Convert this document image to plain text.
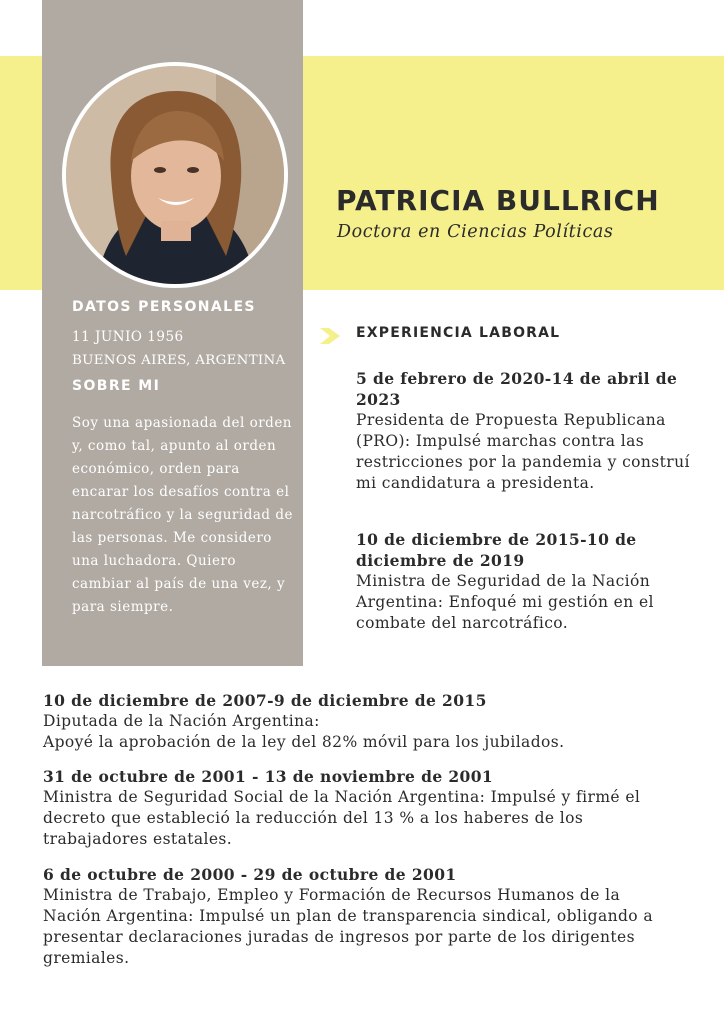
PATRICIA BULLRICH
Doctora en Ciencias Políticas
DATOS PERSONALES
11 JUNIO 1956
BUENOS AIRES, ARGENTINA
SOBRE MI
Soy una apasionada del orden y, como tal, apunto al orden económico, orden para encarar los desafíos contra el narcotráfico y la seguridad de las personas. Me considero una luchadora. Quiero cambiar al país de una vez, y para siempre.
EXPERIENCIA LABORAL
5 de febrero de 2020-14 de abril de 2023
Presidenta de Propuesta Republicana (PRO): Impulsé marchas contra las restricciones por la pandemia y construí mi candidatura a presidenta.
10 de diciembre de 2015-10 de diciembre de 2019
Ministra de Seguridad de la Nación Argentina: Enfoqué mi gestión en el combate del narcotráfico.
10 de diciembre de 2007-9 de diciembre de 2015
Diputada de la Nación Argentina:
Apoyé la aprobación de la ley del 82% móvil para los jubilados.
31 de octubre de 2001 - 13 de noviembre de 2001
Ministra de Seguridad Social de la Nación Argentina: Impulsé y firmé el decreto que estableció la reducción del 13 % a los haberes de los trabajadores estatales.
6 de octubre de 2000 - 29 de octubre de 2001
Ministra de Trabajo, Empleo y Formación de Recursos Humanos de la Nación Argentina: Impulsé un plan de transparencia sindical, obligando a presentar declaraciones juradas de ingresos por parte de los dirigentes gremiales.
